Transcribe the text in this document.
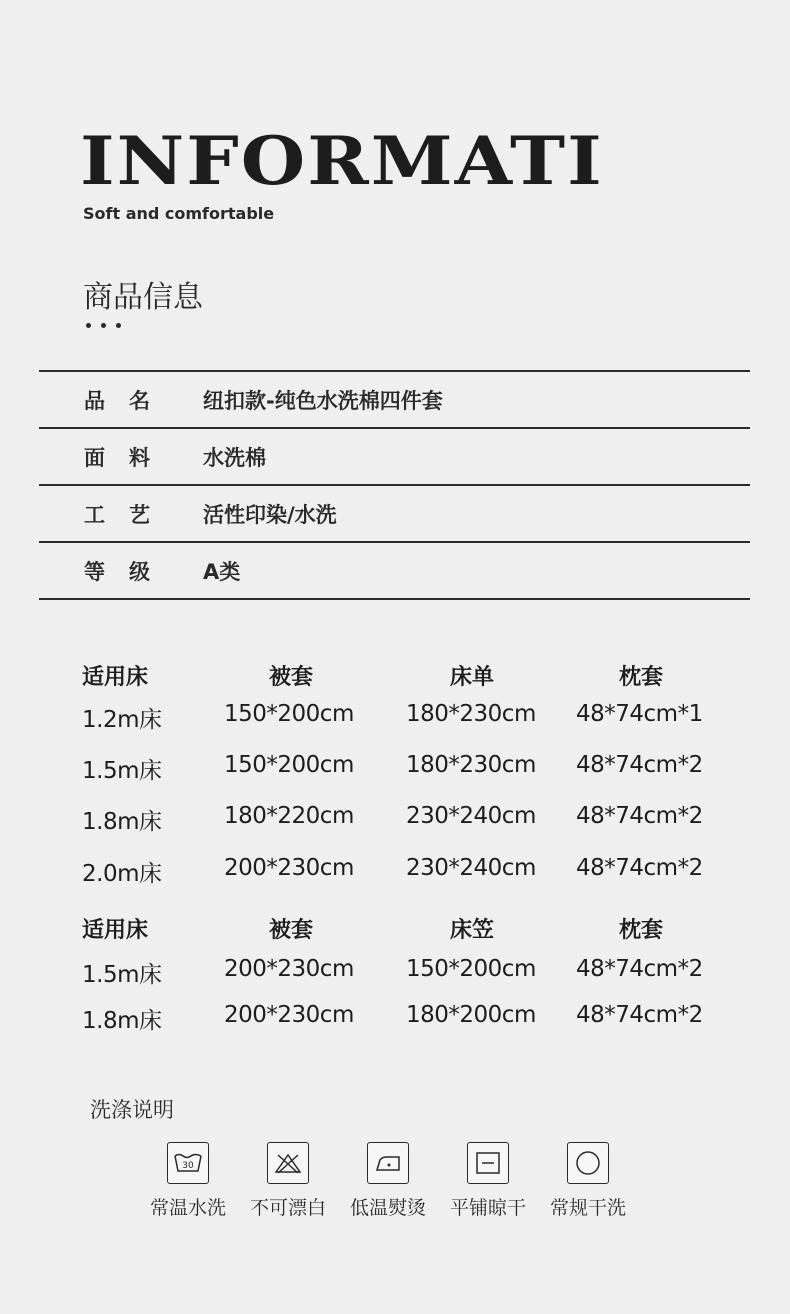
INFORMATI
Soft and comfortable
商品信息
品名	纽扣款-纯色水洗棉四件套
面料	水洗棉
工艺	活性印染/水洗
等级	A类
适用床	被套	床单	枕套
1.2m床	150*200cm 180*230cm 48*74cm*1
1.5m床	150*200cm 180*230cm 48*74cm*2
1.8m床	180*220cm 230*240cm 48*74cm*2
2.0m床	200*230cm 230*240cm 48*74cm*2
适用床	被套	床笠	枕套
1.5m床	200*230cm 150*200cm 48*74cm*2
1.8m床	200*230cm 180*200cm 48*74cm*2
洗涤说明
30
常温水洗	不可漂白	低温熨烫	平铺晾干	常规干洗
